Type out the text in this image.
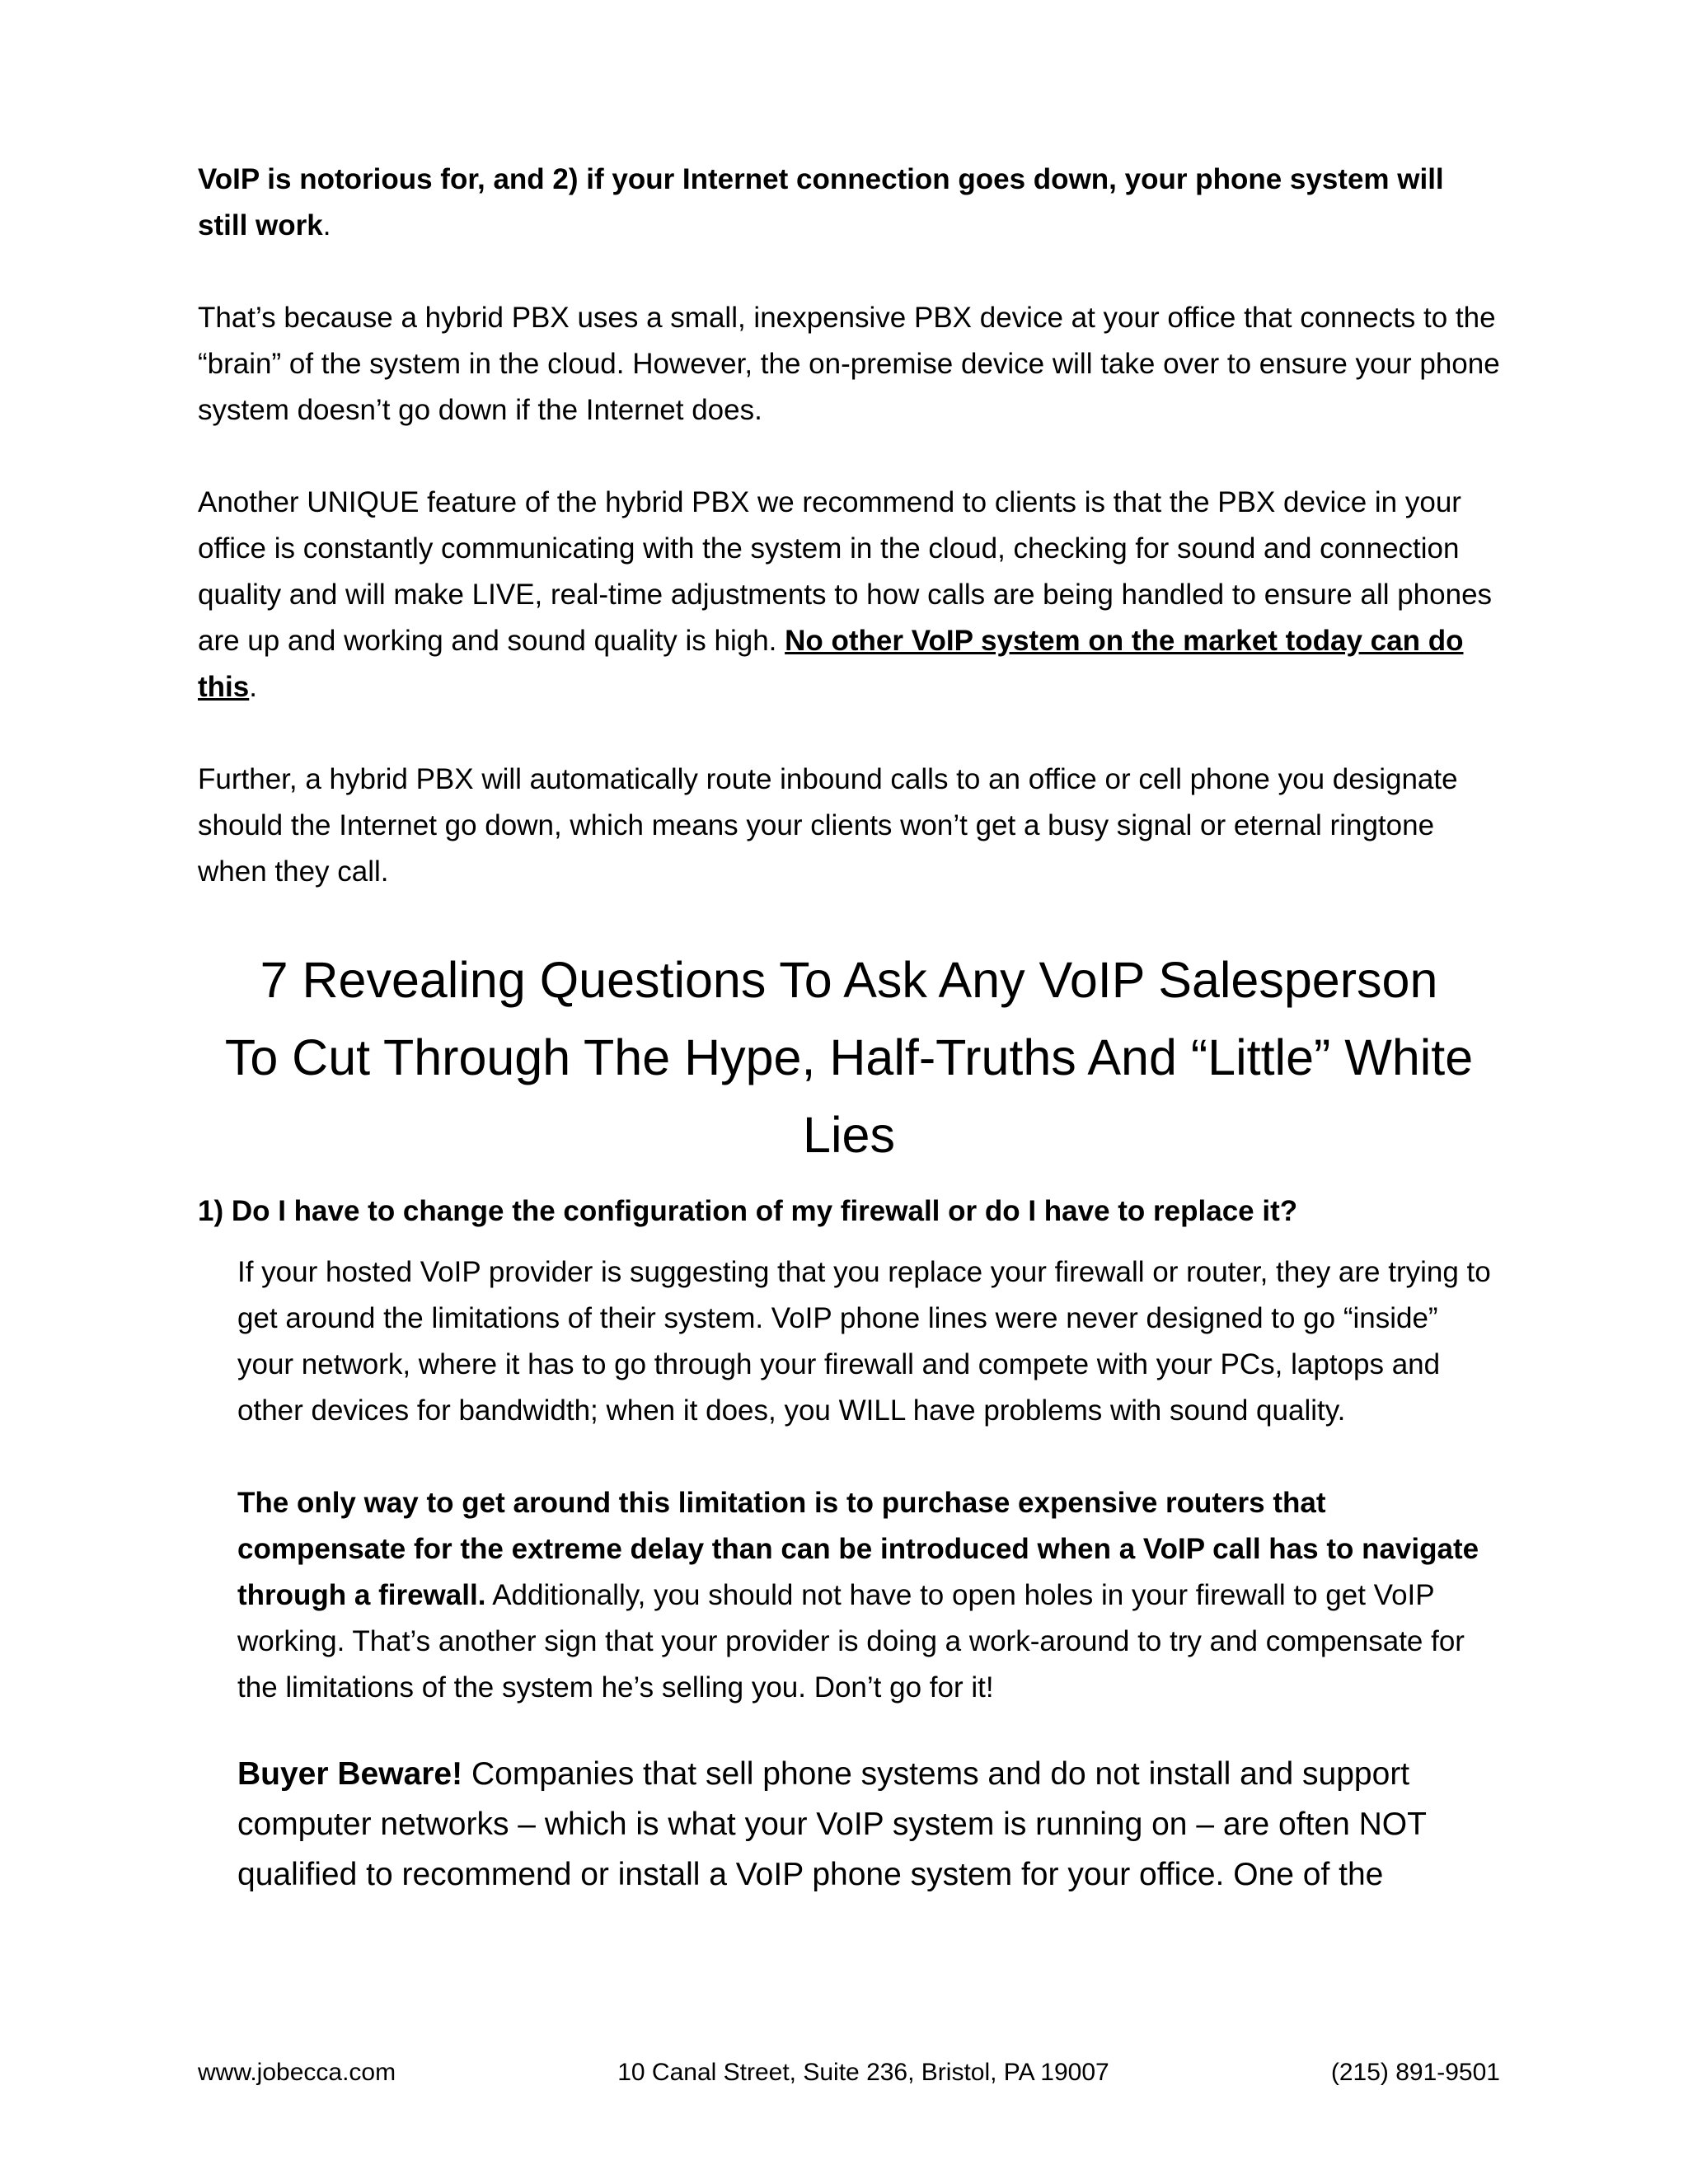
VoIP is notorious for, and 2) if your Internet connection goes down, your phone system will still work.

That’s because a hybrid PBX uses a small, inexpensive PBX device at your office that connects to the “brain” of the system in the cloud. However, the on-premise device will take over to ensure your phone system doesn’t go down if the Internet does.

Another UNIQUE feature of the hybrid PBX we recommend to clients is that the PBX device in your office is constantly communicating with the system in the cloud, checking for sound and connection quality and will make LIVE, real-time adjustments to how calls are being handled to ensure all phones are up and working and sound quality is high. No other VoIP system on the market today can do this.

Further, a hybrid PBX will automatically route inbound calls to an office or cell phone you designate should the Internet go down, which means your clients won’t get a busy signal or eternal ringtone when they call.

7 Revealing Questions To Ask Any VoIP Salesperson
To Cut Through The Hype, Half-Truths And “Little” White Lies
1) Do I have to change the configuration of my firewall or do I have to replace it?

If your hosted VoIP provider is suggesting that you replace your firewall or router, they are trying to get around the limitations of their system. VoIP phone lines were never designed to go “inside” your network, where it has to go through your firewall and compete with your PCs, laptops and other devices for bandwidth; when it does, you WILL have problems with sound quality.

The only way to get around this limitation is to purchase expensive routers that compensate for the extreme delay than can be introduced when a VoIP call has to navigate through a firewall. Additionally, you should not have to open holes in your firewall to get VoIP working. That’s another sign that your provider is doing a work-around to try and compensate for the limitations of the system he’s selling you. Don’t go for it!

Buyer Beware! Companies that sell phone systems and do not install and support computer networks – which is what your VoIP system is running on – are often NOT qualified to recommend or install a VoIP phone system for your office. One of the

www.jobecca.com	10 Canal Street, Suite 236, Bristol, PA 19007	(215) 891-9501
